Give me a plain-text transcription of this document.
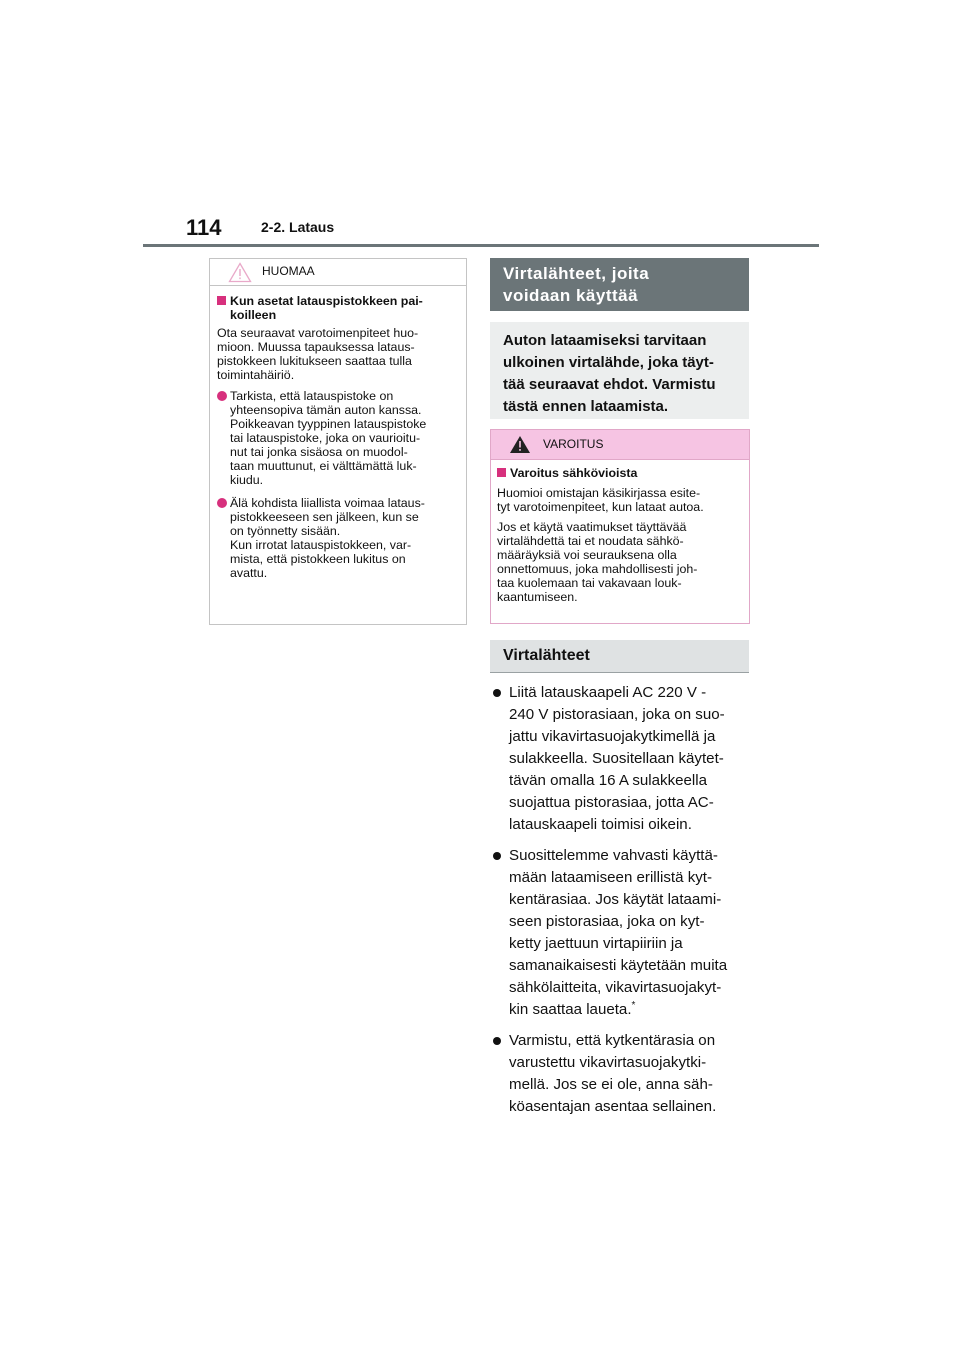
114	2-2. Lataus
HUOMAA
Kun asetat latauspistokkeen pai-
koilleen
Ota seuraavat varotoimenpiteet huo-
mioon. Muussa tapauksessa lataus-
pistokkeen lukitukseen saattaa tulla
toimintahäiriö.
Tarkista, että latauspistoke on
yhteensopiva tämän auton kanssa.
Poikkeavan tyyppinen latauspistoke
tai latauspistoke, joka on vaurioitu-
nut tai jonka sisäosa on muodol-
taan muuttunut, ei välttämättä luk-
kiudu.
Älä kohdista liiallista voimaa lataus-
pistokkeeseen sen jälkeen, kun se
on työnnetty sisään.
Kun irrotat latauspistokkeen, var-
mista, että pistokkeen lukitus on
avattu.
Virtalähteet, joita
voidaan käyttää
Auton lataamiseksi tarvitaan
ulkoinen virtalähde, joka täyt-
tää seuraavat ehdot. Varmistu
tästä ennen lataamista.
VAROITUS
Varoitus sähkövioista
Huomioi omistajan käsikirjassa esite-
tyt varotoimenpiteet, kun lataat autoa.
Jos et käytä vaatimukset täyttävää
virtalähdettä tai et noudata sähkö-
määräyksiä voi seurauksena olla
onnettomuus, joka mahdollisesti joh-
taa kuolemaan tai vakavaan louk-
kaantumiseen.
Virtalähteet
Liitä latauskaapeli AC 220 V -
240 V pistorasiaan, joka on suo-
jattu vikavirtasuojakytkimellä ja
sulakkeella. Suositellaan käytet-
tävän omalla 16 A sulakkeella
suojattua pistorasiaa, jotta AC-
latauskaapeli toimisi oikein.
Suosittelemme vahvasti käyttä-
mään lataamiseen erillistä kyt-
kentärasiaa. Jos käytät lataami-
seen pistorasiaa, joka on kyt-
ketty jaettuun virtapiiriin ja
samanaikaisesti käytetään muita
sähkölaitteita, vikavirtasuojakyt-
kin saattaa laueta.*
Varmistu, että kytkentärasia on
varustettu vikavirtasuojakytki-
mellä. Jos se ei ole, anna säh-
köasentajan asentaa sellainen.
